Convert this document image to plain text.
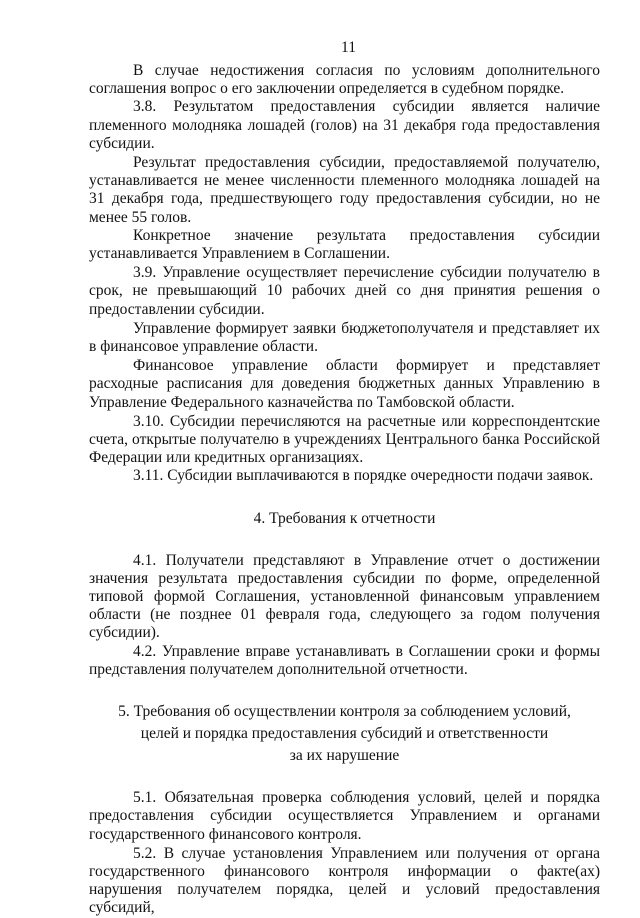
11

В случае недостижения согласия по условиям дополнительного соглашения вопрос о его заключении определяется в судебном порядке.

3.8. Результатом предоставления субсидии является наличие племенного молодняка лошадей (голов) на 31 декабря года предоставления субсидии.

Результат предоставления субсидии, предоставляемой получателю, устанавливается не менее численности племенного молодняка лошадей на 31 декабря года, предшествующего году предоставления субсидии, но не менее 55 голов.

Конкретное значение результата предоставления субсидии устанавливается Управлением в Соглашении.

3.9. Управление осуществляет перечисление субсидии получателю в срок, не превышающий 10 рабочих дней со дня принятия решения о предоставлении субсидии.

Управление формирует заявки бюджетополучателя и представляет их в финансовое управление области.

Финансовое управление области формирует и представляет расходные расписания для доведения бюджетных данных Управлению в Управление Федерального казначейства по Тамбовской области.

3.10. Субсидии перечисляются на расчетные или корреспондентские счета, открытые получателю в учреждениях Центрального банка Российской Федерации или кредитных организациях.

3.11. Субсидии выплачиваются в порядке очередности подачи заявок.

4. Требования к отчетности

4.1. Получатели представляют в Управление отчет о достижении значения результата предоставления субсидии по форме, определенной типовой формой Соглашения, установленной финансовым управлением области (не позднее 01 февраля года, следующего за годом получения субсидии).

4.2. Управление вправе устанавливать в Соглашении сроки и формы представления получателем дополнительной отчетности.

5. Требования об осуществлении контроля за соблюдением условий,

целей и порядка предоставления субсидий и ответственности

за их нарушение

5.1. Обязательная проверка соблюдения условий, целей и порядка предоставления субсидии осуществляется Управлением и органами государственного финансового контроля.

5.2. В случае установления Управлением или получения от органа государственного финансового контроля информации о факте(ах) нарушения получателем порядка, целей и условий предоставления субсидий,
